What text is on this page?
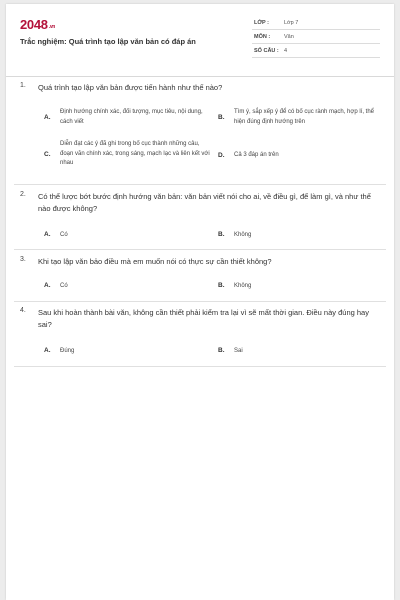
2048.vn
Trắc nghiệm: Quá trình tạo lập văn bản có đáp án
LỚP :	Lớp 7
MÔN :	Văn
SỐ CÂU : 4
1. Quá trình tạo lập văn bản được tiến hành như thế nào?
A.
Định hướng chính xác, đối tượng, mục tiêu, nội dung, cách viết
B.
Tìm ý, sắp xếp ý để có bố cục rành mạch, hợp lí, thể hiện đúng định hướng trên
C.
Diễn đạt các ý đã ghi trong bố cục thành những câu, đoạn văn chính xác, trong sáng, mạch lạc và liên kết với nhau
D. Cả 3 đáp án trên
2. Có thể lược bớt bước định hướng văn bản: văn bản viết nói cho ai, về điều gì, để làm gì, và như thế nào được không?
A. Có	B. Không
3. Khi tạo lập văn bảo điều mà em muốn nói có thực sự cần thiết không?
A. Có	B. Không
4. Sau khi hoàn thành bài văn, không cần thiết phải kiểm tra lại vì sẽ mất thời gian. Điều này đúng hay sai?
A. Đúng	B. Sai
